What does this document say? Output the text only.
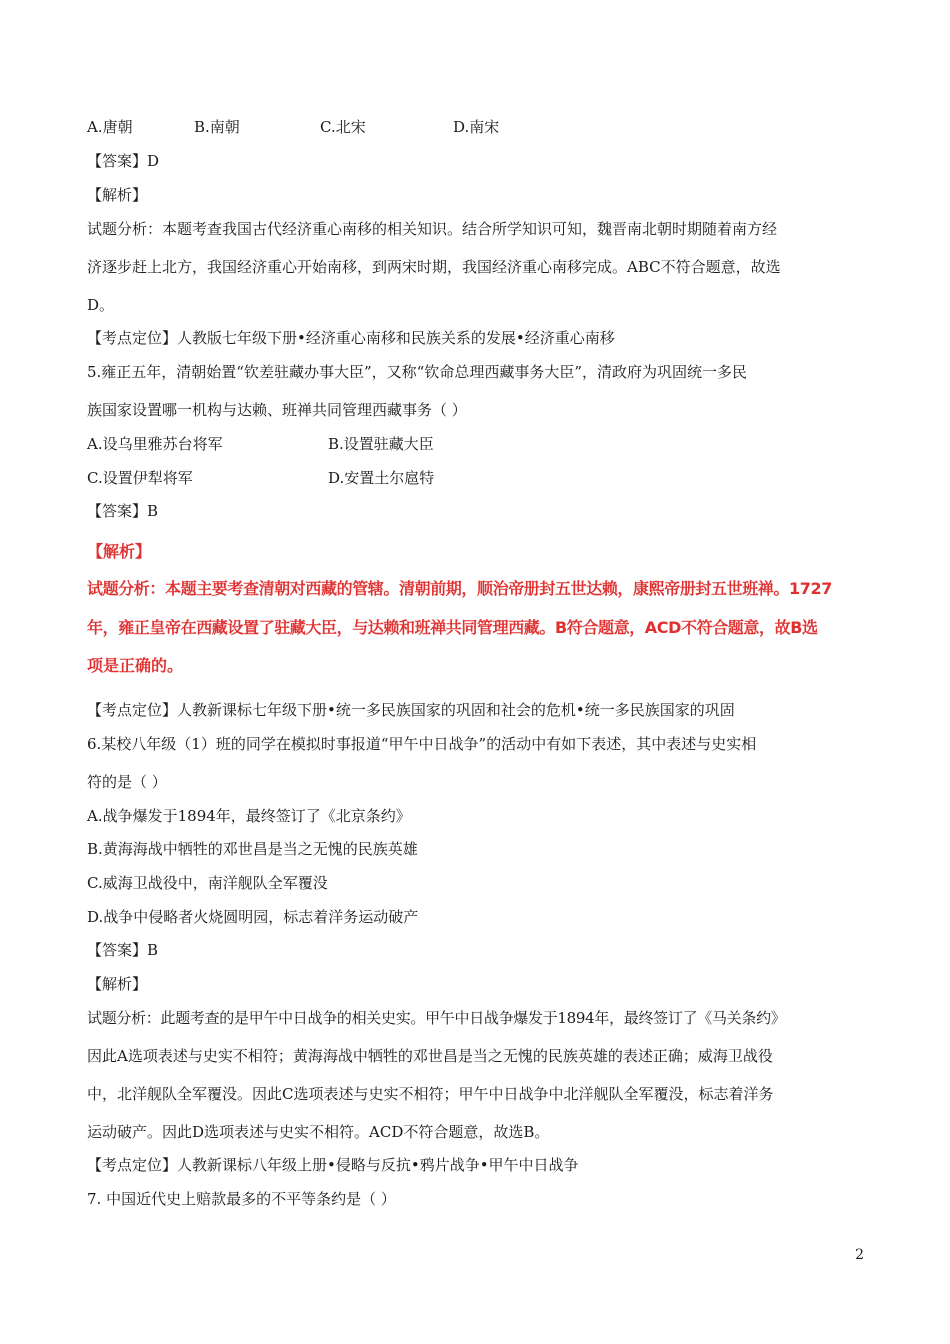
A.唐朝	B.南朝	C.北宋	D.南宋
【答案】D
【解析】
试题分析：本题考查我国古代经济重心南移的相关知识。结合所学知识可知，魏晋南北朝时期随着南方经
济逐步赶上北方，我国经济重心开始南移，到两宋时期，我国经济重心南移完成。ABC不符合题意，故选
D。
【考点定位】人教版七年级下册•经济重心南移和民族关系的发展•经济重心南移
5.雍正五年，清朝始置“钦差驻藏办事大臣”，又称“钦命总理西藏事务大臣”，清政府为巩固统一多民
族国家设置哪一机构与达赖、班禅共同管理西藏事务（ ）
A.设乌里雅苏台将军	B.设置驻藏大臣
C.设置伊犁将军	D.安置土尔扈特
【答案】B
【解析】
试题分析：本题主要考查清朝对西藏的管辖。清朝前期，顺治帝册封五世达赖，康熙帝册封五世班禅。1727
年，雍正皇帝在西藏设置了驻藏大臣，与达赖和班禅共同管理西藏。B符合题意，ACD不符合题意，故B选
项是正确的。
【考点定位】人教新课标七年级下册•统一多民族国家的巩固和社会的危机•统一多民族国家的巩固
6.某校八年级（1）班的同学在模拟时事报道“甲午中日战争”的活动中有如下表述，其中表述与史实相
符的是（ ）
A.战争爆发于1894年，最终签订了《北京条约》
B.黄海海战中牺牲的邓世昌是当之无愧的民族英雄
C.威海卫战役中，南洋舰队全军覆没
D.战争中侵略者火烧圆明园，标志着洋务运动破产
【答案】B
【解析】
试题分析：此题考查的是甲午中日战争的相关史实。甲午中日战争爆发于1894年，最终签订了《马关条约》
因此A选项表述与史实不相符；黄海海战中牺牲的邓世昌是当之无愧的民族英雄的表述正确；威海卫战役
中，北洋舰队全军覆没。因此C选项表述与史实不相符；甲午中日战争中北洋舰队全军覆没，标志着洋务
运动破产。因此D选项表述与史实不相符。ACD不符合题意，故选B。
【考点定位】人教新课标八年级上册•侵略与反抗•鸦片战争•甲午中日战争
7. 中国近代史上赔款最多的不平等条约是（ ）
2
